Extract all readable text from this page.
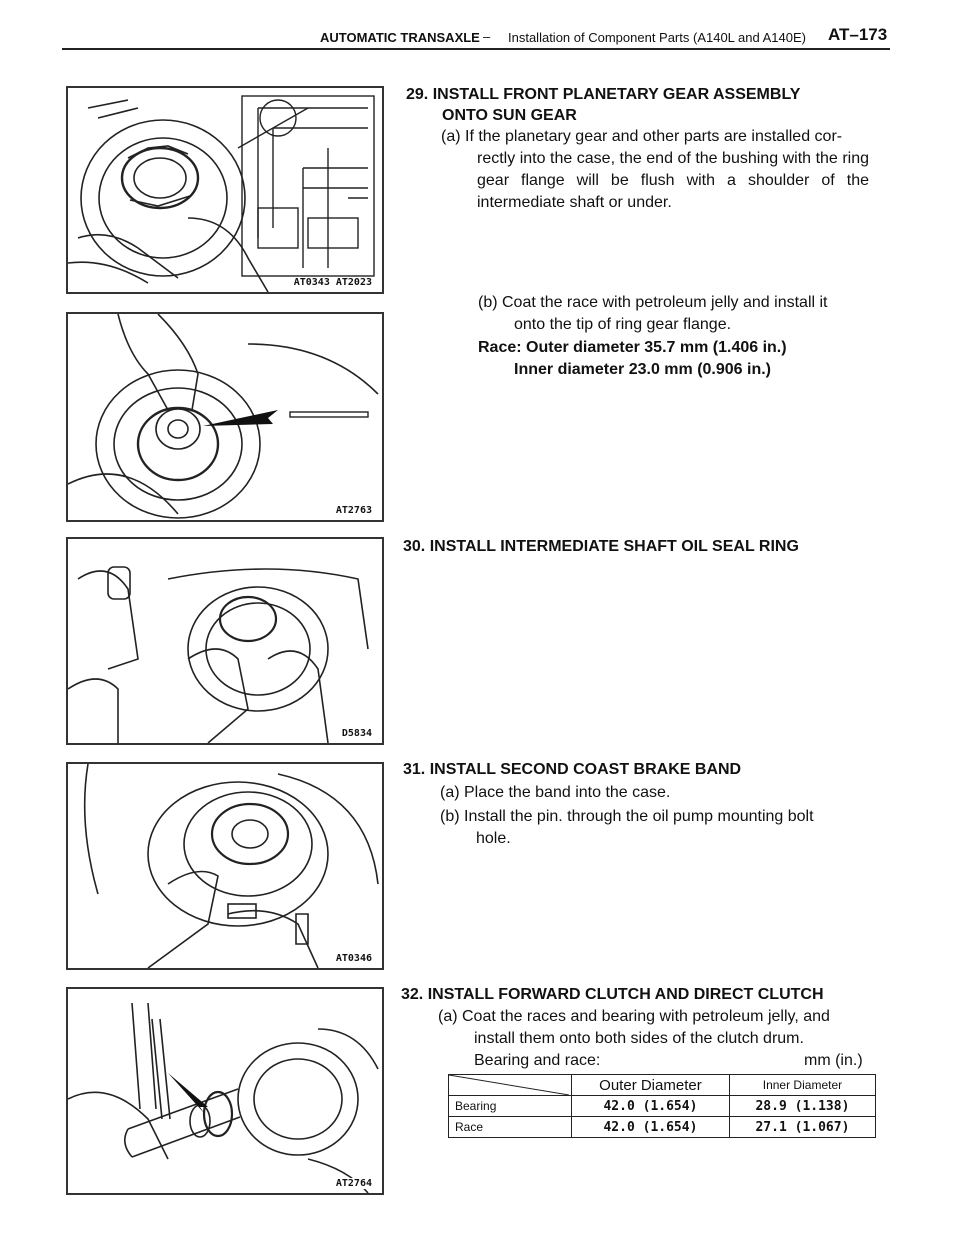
AUTOMATIC TRANSAXLE – Installation of Component Parts (A140L and A140E) AT–173
AT0343 AT2023
29. INSTALL FRONT PLANETARY GEAR ASSEMBLY
ONTO SUN GEAR
(a) If the planetary gear and other parts are installed cor-
rectly into the case, the end of the bushing with the ring gear flange will be flush with a shoulder of the intermediate shaft or under.
(b) Coat the race with petroleum jelly and install it
onto the tip of ring gear flange.
Race: Outer diameter 35.7 mm (1.406 in.)
Inner diameter 23.0 mm (0.906 in.)
AT2763
30. INSTALL INTERMEDIATE SHAFT OIL SEAL RING
D5834
31. INSTALL SECOND COAST BRAKE BAND
(a) Place the band into the case.
(b) Install the pin. through the oil pump mounting bolt
hole.
AT0346
32. INSTALL FORWARD CLUTCH AND DIRECT CLUTCH
(a) Coat the races and bearing with petroleum jelly, and
install them onto both sides of the clutch drum.
Bearing and race:	mm (in.)
	Outer Diameter	Inner Diameter
Bearing	42.0 (1.654)	28.9 (1.138)
Race	42.0 (1.654)	27.1 (1.067)
AT2764
